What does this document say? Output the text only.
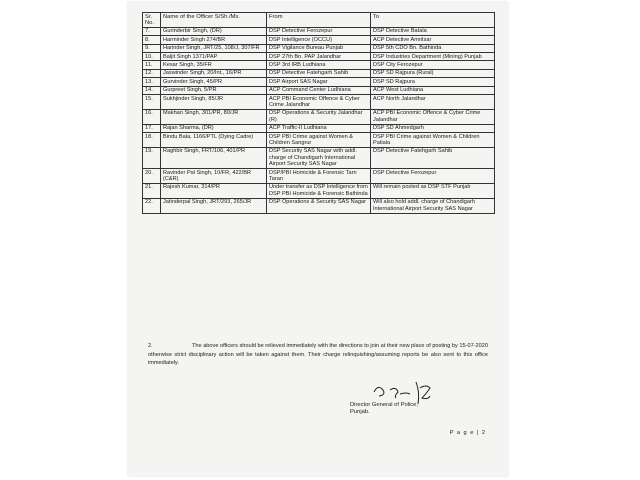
Sr. No.	Name of the Officer S/Sh./Ms.	From	To
7.	Gurinderbir Singh, (DR)	DSP Detective Ferozepur	DSP Detective Batala
8.	Harminder Singh 274/BR	DSP Intelligence (OCCU)	ACP Detective Amritsar
9.	Harinder Singh, JRT/25, 108/J, 307/FR	DSP Vigilance Bureau Punjab	DSP 5th CDO Bn. Bathinda
10.	Baljit Singh 1371/PAP	DSP 27th Bn. PAP Jalandhar	DSP Industries Department (Mining) Punjab
11.	Kesar Singh, 35/FR	DSP 3rd IRB Ludhiana	DSP City Ferozepur
12.	Jaswinder Singh, 20/Int., 16/PR	DSP Detective Fatehgarh Sahib	DSP SD Rajpura (Rural)
13.	Gurvinder Singh, 45/PR	DSP Airport SAS Nagar	DSP SD Rajpura
14.	Gurpreet Singh, 5/PR	ACP Command Center Ludhiana	ACP West Ludhiana
15.	Sukhjinder Singh, 85/JR	ACP PBI Economic Offence & Cyber Crime Jalandhar	ACP North Jalandhar
16.	Makhan Singh, 301/PR, 80/JR	DSP Operations & Security Jalandhar (R)	ACP PBI Economic Offence & Cyber Crime Jalandhar
17.	Rajan Sharma, (DR)	ACP Traffic-II Ludhiana	DSP SD Ahmedgarh
18.	Bindu Bala, 1166/PTL (Dying Cadre)	DSP PBI Crime against Women & Children Sangrur	DSP PBI Crime against Women & Children Patiala
19.	Raghbir Singh, FRT/106, 401/PR	DSP Security SAS Nagar with addl. charge of Chandigarh International Airport Security SAS Nagar	DSP Detective Fatehgarh Sahib
20.	Ravinder Pal Singh, 10/FR, 422/BR (C&R)	DSP/PBI Homicide & Forensic Tarn Taran	DSP Detective Ferozepur
21.	Rajesh Kumar, 314/PR	Under transfer as DSP Intelligence from DSP PBI Homicide & Forensic Bathinda	Will remain posted as DSP STF Punjab
22.	Jatinderpal Singh, JRT/293, 265/JR	DSP Operations & Security SAS Nagar	Will also hold addl. charge of Chandigarh International Airport Security SAS Nagar
2.	The above officers should be relieved immediately with the directions to join at their new place of posting by 15-07-2020 otherwise strict disciplinary action will be taken against them. Their charge relinquishing/assuming reports be also sent to this office immediately.
Director General of Police,
Punjab.
P a g e | 2
